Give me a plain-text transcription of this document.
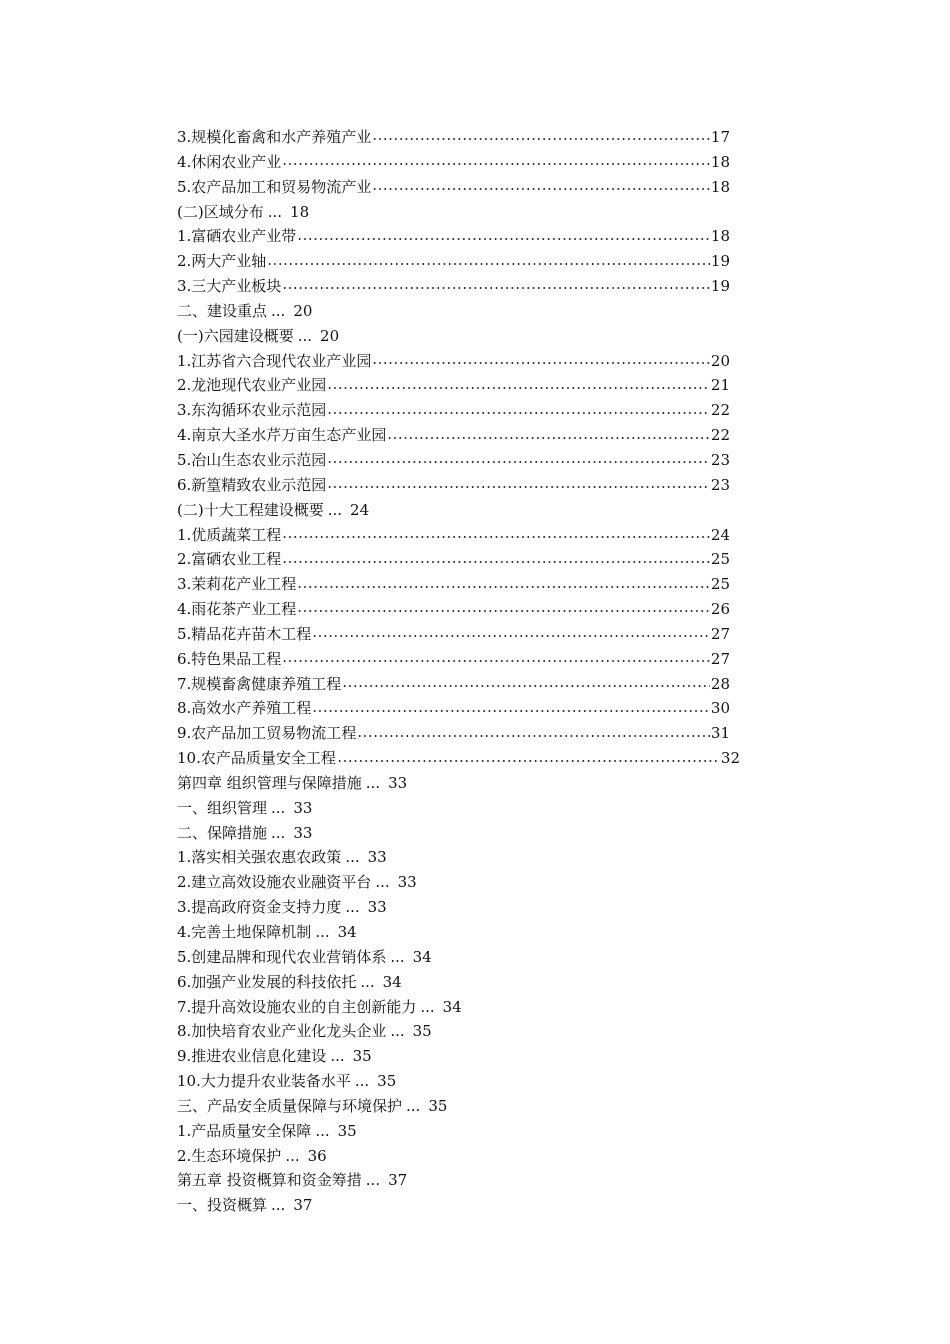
3.规模化畜禽和水产养殖产业	17
4.休闲农业产业	18
5.农产品加工和贸易物流产业	18
(二)区域分布 ... 18
1.富硒农业产业带	18
2.两大产业轴	19
3.三大产业板块	19
二、建设重点 ... 20
(一)六园建设概要 ... 20
1.江苏省六合现代农业产业园	20
2.龙池现代农业产业园	21
3.东沟循环农业示范园	22
4.南京大圣水芹万亩生态产业园	22
5.冶山生态农业示范园	23
6.新篁精致农业示范园	23
(二)十大工程建设概要 ... 24
1.优质蔬菜工程	24
2.富硒农业工程	25
3.茉莉花产业工程	25
4.雨花茶产业工程	26
5.精品花卉苗木工程	27
6.特色果品工程	27
7.规模畜禽健康养殖工程	28
8.高效水产养殖工程	30
9.农产品加工贸易物流工程	31
10.农产品质量安全工程	32
第四章 组织管理与保障措施 ... 33
一、组织管理 ... 33
二、保障措施 ... 33
1.落实相关强农惠农政策 ... 33
2.建立高效设施农业融资平台 ... 33
3.提高政府资金支持力度 ... 33
4.完善土地保障机制 ... 34
5.创建品牌和现代农业营销体系 ... 34
6.加强产业发展的科技依托 ... 34
7.提升高效设施农业的自主创新能力 ... 34
8.加快培育农业产业化龙头企业 ... 35
9.推进农业信息化建设 ... 35
10.大力提升农业装备水平 ... 35
三、产品安全质量保障与环境保护 ... 35
1.产品质量安全保障 ... 35
2.生态环境保护 ... 36
第五章 投资概算和资金筹措 ... 37
一、投资概算 ... 37
